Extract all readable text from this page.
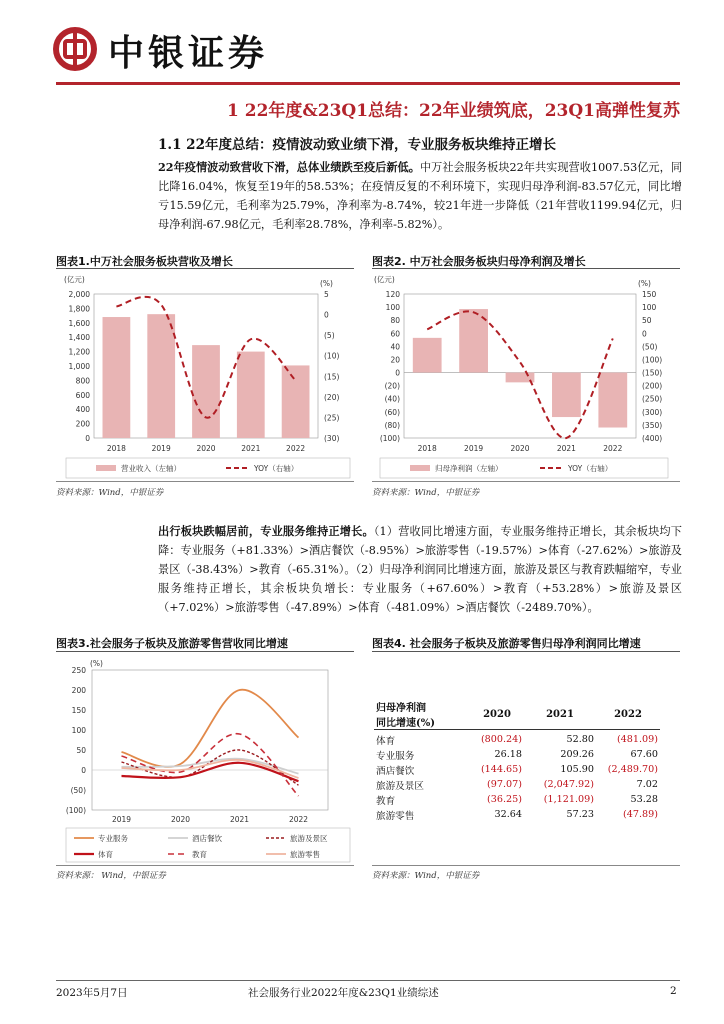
中银证券
1 22年度&23Q1总结：22年业绩筑底，23Q1高弹性复苏
1.1 22年度总结：疫情波动致业绩下滑，专业服务板块维持正增长
22年疫情波动致营收下滑，总体业绩跌至疫后新低。中万社会服务板块22年共实现营收1007.53亿元，同比降16.04%，恢复至19年的58.53%；在疫情反复的不利环境下，实现归母净利润-83.57亿元，同比增亏15.59亿元，毛利率为25.79%，净利率为-8.74%，较21年进一步降低（21年营收1199.94亿元，归母净利润-67.98亿元，毛利率28.78%，净利率-5.82%）。
图表1.中万社会服务板块营收及增长
(亿元)	(%)
0
200
400
600
800
1,000
1,200
1,400
1,600
1,800
2,000
(30)
(25)
(20)
(15)
(10)
(5)
0
5
2018	2019	2020	2021	2022
营业收入（左轴）	YOY（右轴）
资料来源：Wind，中银证券
图表2. 中万社会服务板块归母净利润及增长
(亿元)	(%)
(100)
(80)
(60)
(40)
(20)
0
20
40
60
80
100
120
(400)
(350)
(300)
(250)
(200)
(150)
(100)
(50)
0
50
100
150
2018	2019	2020	2021	2022
归母净利润（左轴）	YOY（右轴）
资料来源：Wind，中银证券
出行板块跌幅居前，专业服务维持正增长。（1）营收同比增速方面，专业服务维持正增长，其余板块均下降：专业服务（+81.33%）>酒店餐饮（-8.95%）>旅游零售（-19.57%）>体育（-27.62%）>旅游及景区（-38.43%）>教育（-65.31%）。（2）归母净利润同比增速方面，旅游及景区与教育跌幅缩窄，专业服务维持正增长，其余板块负增长：专业服务（+67.60%）>教育（+53.28%）>旅游及景区（+7.02%）>旅游零售（-47.89%）>体育（-481.09%）>酒店餐饮（-2489.70%）。
图表3.社会服务子板块及旅游零售营收同比增速
(%)
(100)
(50)
0
50
100
150
200
250
2019	2020	2021	2022
专业服务	酒店餐饮	旅游及景区
体育	教育	旅游零售
资料来源： Wind，中银证券
图表4. 社会服务子板块及旅游零售归母净利润同比增速
归母净利润
同比增速(%)	2020	2021	2022

体育	(800.24)	52.80	(481.09)
专业服务	26.18	209.26	67.60
酒店餐饮	(144.65)	105.90	(2,489.70)
旅游及景区	(97.07)	(2,047.92)	7.02
教育	(36.25)	(1,121.09)	53.28
旅游零售	32.64	57.23	(47.89)
资料来源：Wind，中银证券
2023年5月7日	社会服务行业2022年度&23Q1业绩综述	2
